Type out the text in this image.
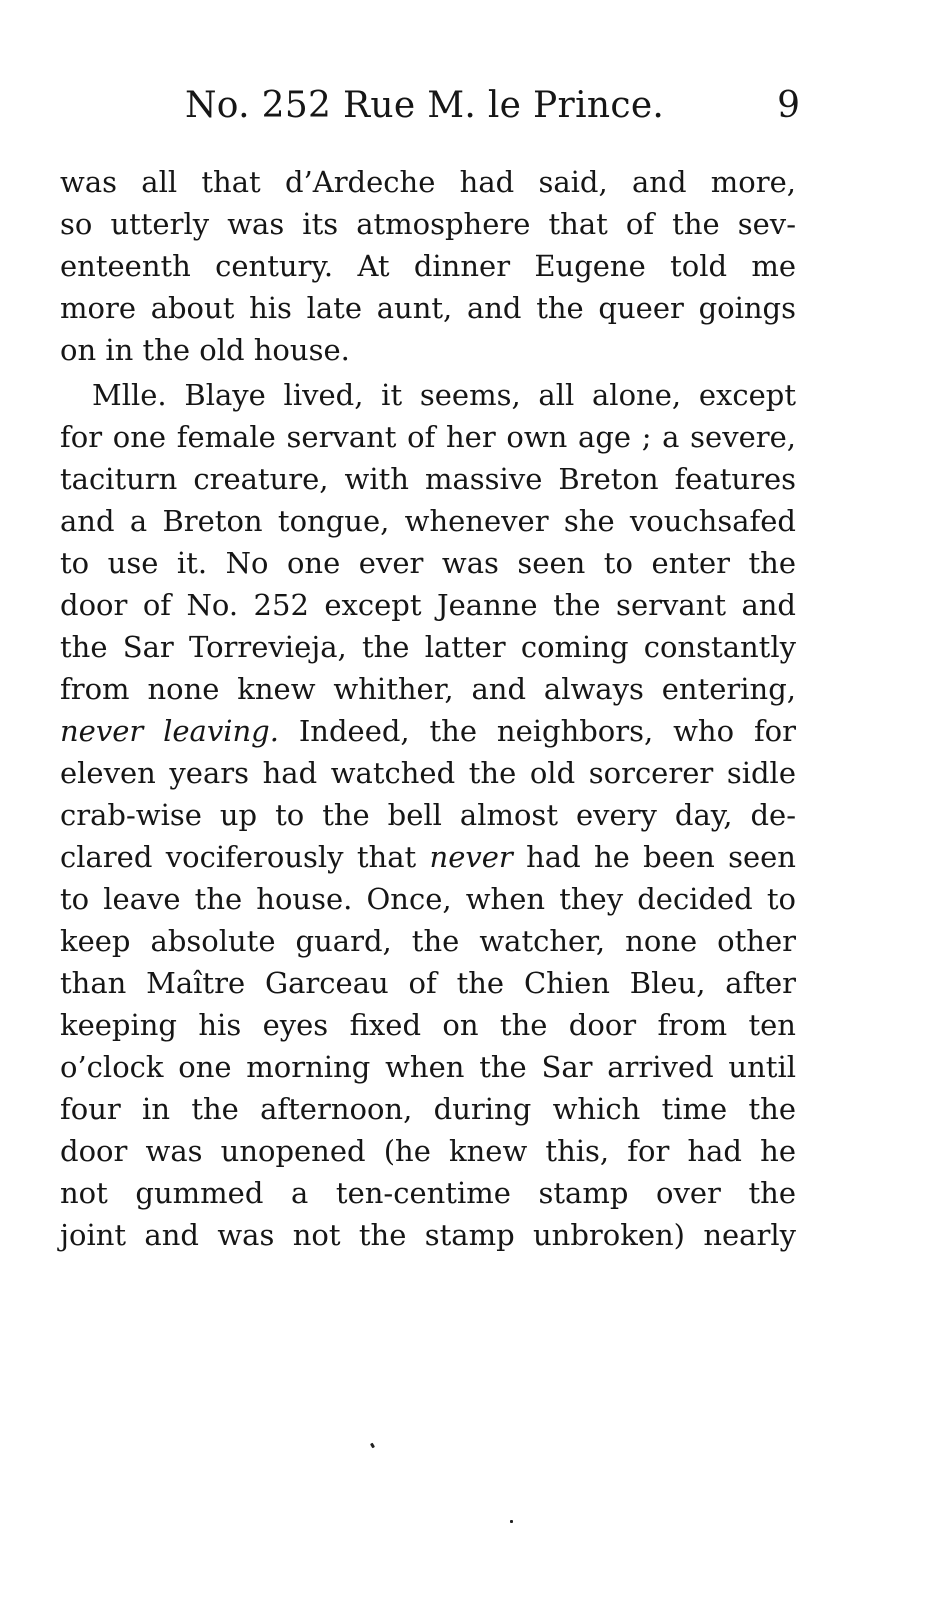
No. 252 Rue M. le Prince.	9
was all that d’Ardeche had said, and more,
so utterly was its atmosphere that of the sev-
enteenth century. At dinner Eugene told me
more about his late aunt, and the queer goings
on in the old house.
Mlle. Blaye lived, it seems, all alone, except
for one female servant of her own age ; a severe,
taciturn creature, with massive Breton features
and a Breton tongue, whenever she vouchsafed
to use it. No one ever was seen to enter the
door of No. 252 except Jeanne the servant and
the Sar Torrevieja, the latter coming constantly
from none knew whither, and always entering,
never leaving. Indeed, the neighbors, who for
eleven years had watched the old sorcerer sidle
crab-wise up to the bell almost every day, de-
clared vociferously that never had he been seen
to leave the house. Once, when they decided to
keep absolute guard, the watcher, none other
than Maître Garceau of the Chien Bleu, after
keeping his eyes fixed on the door from ten
o’clock one morning when the Sar arrived until
four in the afternoon, during which time the
door was unopened (he knew this, for had he
not gummed a ten-centime stamp over the
joint and was not the stamp unbroken) nearly
